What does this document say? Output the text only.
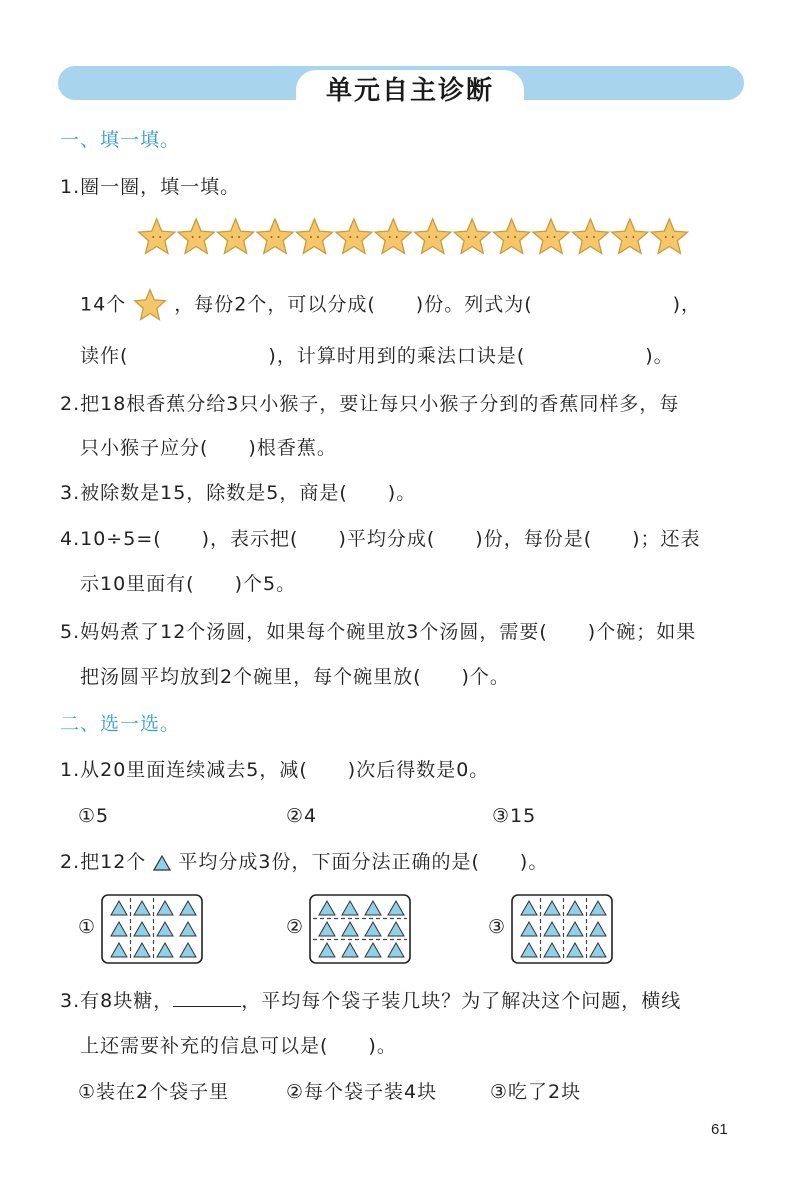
单元自主诊断
一、填一填。
1.圈一圈，填一填。
14个	，每份2个，可以分成(　　)份。列式为(　　　　　　　)，
读作(　　　　　　　)，计算时用到的乘法口诀是(　　　　　　)。
2.把18根香蕉分给3只小猴子，要让每只小猴子分到的香蕉同样多，每
只小猴子应分(　　)根香蕉。
3.被除数是15，除数是5，商是(　　)。
4.10÷5=(　　)，表示把(　　)平均分成(　　)份，每份是(　　)；还表
示10里面有(　　)个5。
5.妈妈煮了12个汤圆，如果每个碗里放3个汤圆，需要(　　)个碗；如果
把汤圆平均放到2个碗里，每个碗里放(　　)个。
二、选一选。
1.从20里面连续减去5，减(　　)次后得数是0。
①5	②4	③15
2.把12个 平均分成3份，下面分法正确的是(　　)。
①	②	③
3.有8块糖，	，平均每个袋子装几块？为了解决这个问题，横线
上还需要补充的信息可以是(　　)。
①装在2个袋子里	②每个袋子装4块	③吃了2块
61
